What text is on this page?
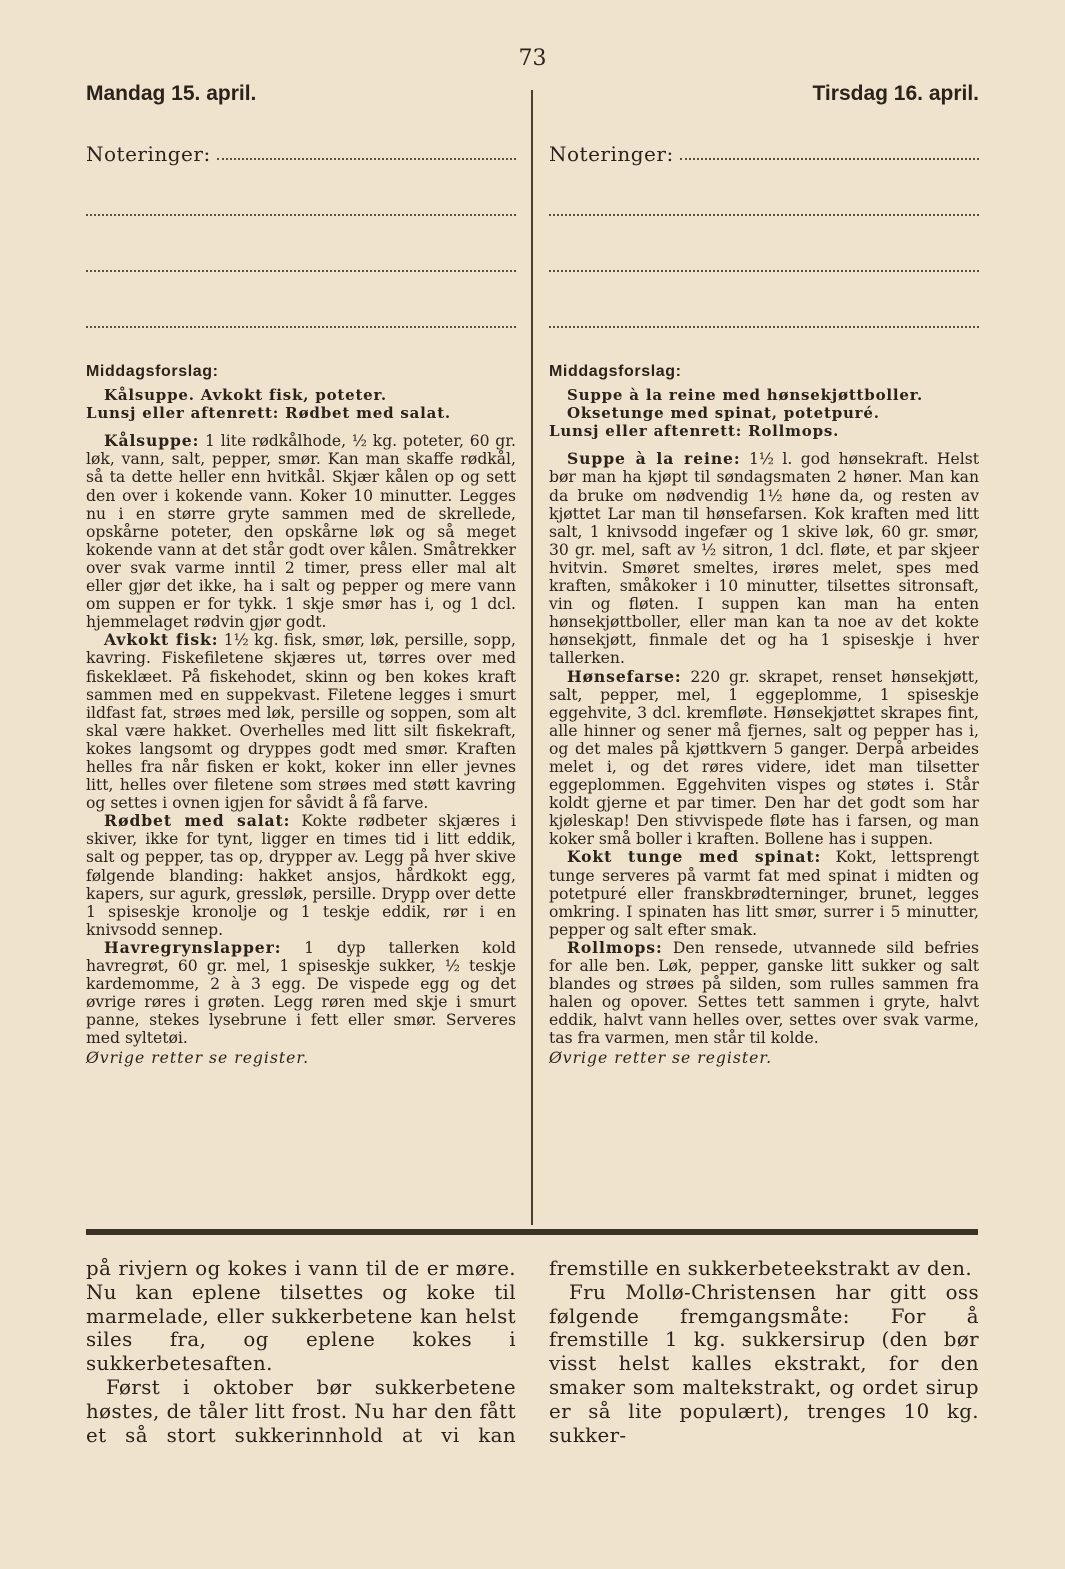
73
Mandag 15. april.	Tirsdag 16. april.
Noteringer:	Noteringer:
Middagsforslag:
Kålsuppe. Avkokt fisk, poteter.
Lunsj eller aftenrett: Rødbet med salat.
Kålsuppe: 1 lite rødkålhode, ½ kg. poteter, 60 gr. løk, vann, salt, pepper, smør. Kan man skaffe rødkål, så ta dette heller enn hvitkål. Skjær kålen op og sett den over i kokende vann. Koker 10 minutter. Legges nu i en større gryte sammen med de skrellede, opskårne poteter, den opskårne løk og så meget kokende vann at det står godt over kålen. Småtrekker over svak varme inntil 2 timer, press eller mal alt eller gjør det ikke, ha i salt og pepper og mere vann om suppen er for tykk. 1 skje smør has i, og 1 dcl. hjemmelaget rødvin gjør godt.
Avkokt fisk: 1½ kg. fisk, smør, løk, persille, sopp, kavring. Fiskefiletene skjæres ut, tørres over med fiskeklæet. På fiskehodet, skinn og ben kokes kraft sammen med en suppekvast. Filetene legges i smurt ildfast fat, strøes med løk, persille og soppen, som alt skal være hakket. Overhelles med litt silt fiskekraft, kokes langsomt og dryppes godt med smør. Kraften helles fra når fisken er kokt, koker inn eller jevnes litt, helles over filetene som strøes med støtt kavring og settes i ovnen igjen for såvidt å få farve.
Rødbet med salat: Kokte rødbeter skjæres i skiver, ikke for tynt, ligger en times tid i litt eddik, salt og pepper, tas op, drypper av. Legg på hver skive følgende blanding: hakket ansjos, hårdkokt egg, kapers, sur agurk, gressløk, persille. Drypp over dette 1 spiseskje kronolje og 1 teskje eddik, rør i en knivsodd sennep.
Havregrynslapper: 1 dyp tallerken kold havregrøt, 60 gr. mel, 1 spiseskje sukker, ½ teskje kardemomme, 2 à 3 egg. De vispede egg og det øvrige røres i grøten. Legg røren med skje i smurt panne, stekes lysebrune i fett eller smør. Serveres med syltetøi.
Øvrige retter se register.
Middagsforslag:
Suppe à la reine med hønsekjøttboller.
Oksetunge med spinat, potetpuré.
Lunsj eller aftenrett: Rollmops.
Suppe à la reine: 1½ l. god hønsekraft. Helst bør man ha kjøpt til søndagsmaten 2 høner. Man kan da bruke om nødvendig 1½ høne da, og resten av kjøttet Lar man til hønsefarsen. Kok kraften med litt salt, 1 knivsodd ingefær og 1 skive løk, 60 gr. smør, 30 gr. mel, saft av ½ sitron, 1 dcl. fløte, et par skjeer hvitvin. Smøret smeltes, irøres melet, spes med kraften, småkoker i 10 minutter, tilsettes sitronsaft, vin og fløten. I suppen kan man ha enten hønsekjøttboller, eller man kan ta noe av det kokte hønsekjøtt, finmale det og ha 1 spiseskje i hver tallerken.
Hønsefarse: 220 gr. skrapet, renset hønsekjøtt, salt, pepper, mel, 1 eggeplomme, 1 spiseskje eggehvite, 3 dcl. kremfløte. Hønsekjøttet skrapes fint, alle hinner og sener må fjernes, salt og pepper has i, og det males på kjøttkvern 5 ganger. Derpå arbeides melet i, og det røres videre, idet man tilsetter eggeplommen. Eggehviten vispes og støtes i. Står koldt gjerne et par timer. Den har det godt som har kjøleskap! Den stivvispede fløte has i farsen, og man koker små boller i kraften. Bollene has i suppen.
Kokt tunge med spinat: Kokt, lettsprengt tunge serveres på varmt fat med spinat i midten og potetpuré eller franskbrødterninger, brunet, legges omkring. I spinaten has litt smør, surrer i 5 minutter, pepper og salt efter smak.
Rollmops: Den rensede, utvannede sild befries for alle ben. Løk, pepper, ganske litt sukker og salt blandes og strøes på silden, som rulles sammen fra halen og opover. Settes tett sammen i gryte, halvt eddik, halvt vann helles over, settes over svak varme, tas fra varmen, men står til kolde.
Øvrige retter se register.

på rivjern og kokes i vann til de er møre. Nu kan eplene tilsettes og koke til marmelade, eller sukkerbetene kan helst siles fra, og eplene kokes i sukkerbetesaften.

Først i oktober bør sukkerbetene høstes, de tåler litt frost. Nu har den fått et så stort sukkerinnhold at vi kan

fremstille en sukkerbeteekstrakt av den.

Fru Mollø-Christensen har gitt oss følgende fremgangsmåte: For å fremstille 1 kg. sukkersirup (den bør visst helst kalles ekstrakt, for den smaker som maltekstrakt, og ordet sirup er så lite populært), trenges 10 kg. sukker-
